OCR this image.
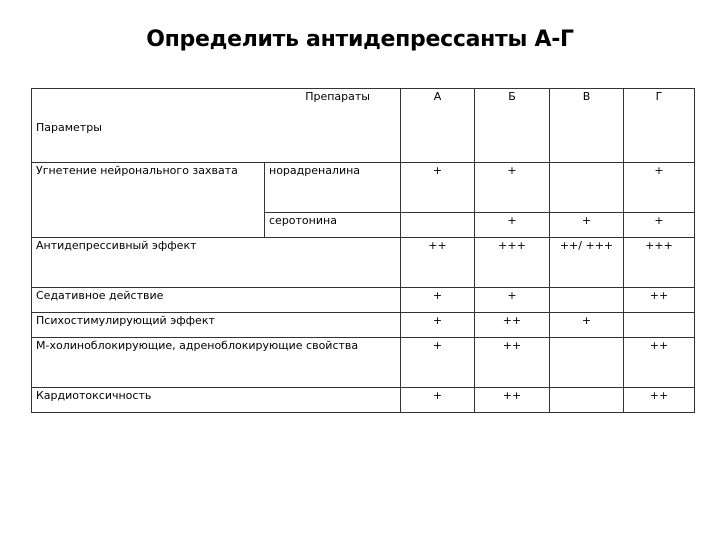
Определить антидепрессанты А-Г
Препараты
Параметры		А	Б	В	Г
Угнетение нейронального захвата	норадреналина	+	+		+
	серотонина		+	+	+
Антидепрессивный эффект		++	+++	++/ +++	+++
Седативное действие		+	+		++
Психостимулирующий эффект		+	++	+	
М-холиноблокирующие, адреноблокирующие свойства		+	++		++
Кардиотоксичность		+	++		++
